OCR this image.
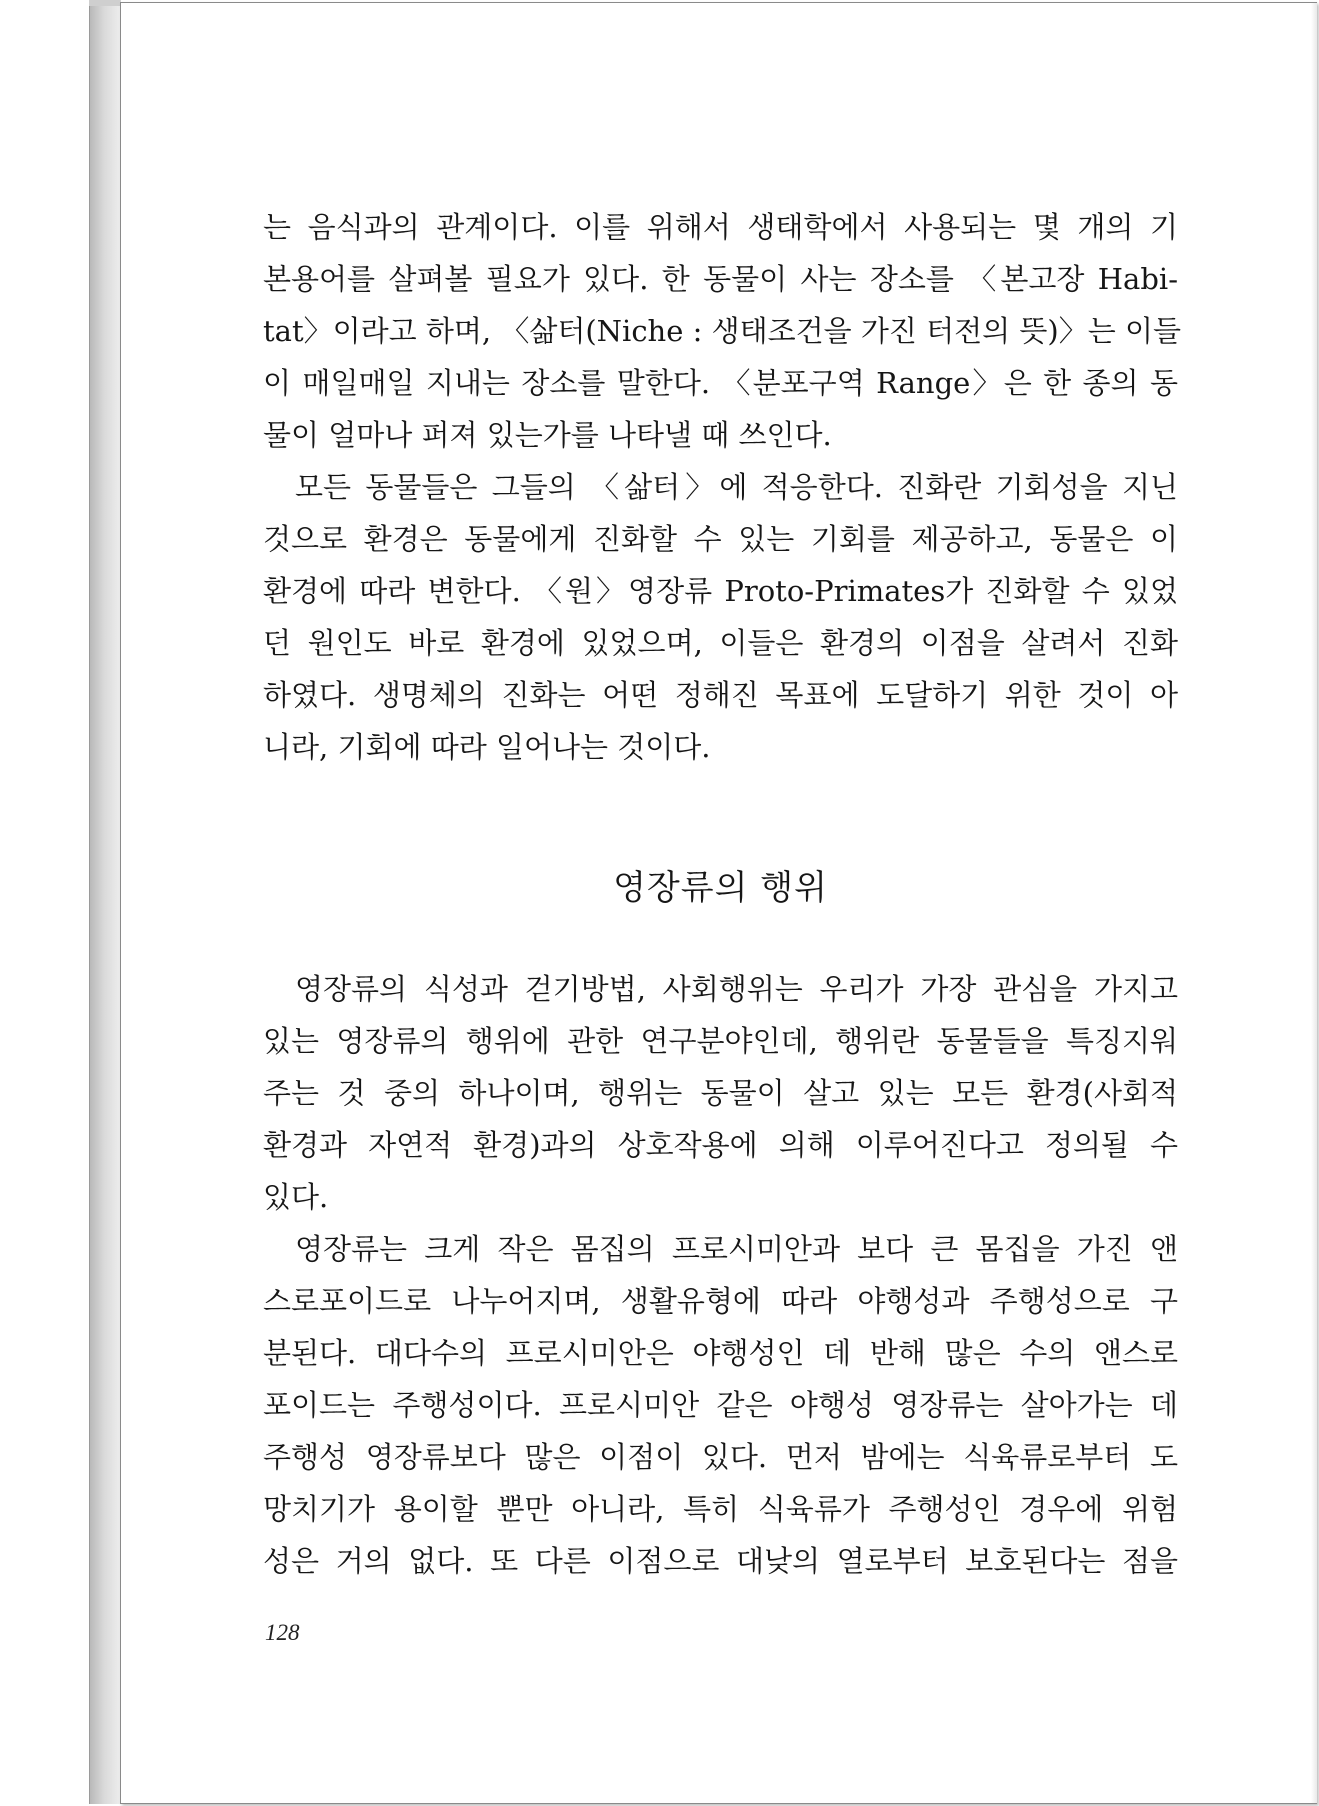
는 음식과의 관계이다. 이를 위해서 생태학에서 사용되는 몇 개의 기
본용어를 살펴볼 필요가 있다. 한 동물이 사는 장소를 〈본고장 Habi-
tat〉이라고 하며, 〈삶터(Niche : 생태조건을 가진 터전의 뜻)〉는 이들
이 매일매일 지내는 장소를 말한다. 〈분포구역 Range〉은 한 종의 동
물이 얼마나 퍼져 있는가를 나타낼 때 쓰인다.
모든 동물들은 그들의 〈삶터〉에 적응한다. 진화란 기회성을 지닌
것으로 환경은 동물에게 진화할 수 있는 기회를 제공하고, 동물은 이
환경에 따라 변한다. 〈원〉영장류 Proto-Primates가 진화할 수 있었
던 원인도 바로 환경에 있었으며, 이들은 환경의 이점을 살려서 진화
하였다. 생명체의 진화는 어떤 정해진 목표에 도달하기 위한 것이 아
니라, 기회에 따라 일어나는 것이다.
영장류의 행위
영장류의 식성과 걷기방법, 사회행위는 우리가 가장 관심을 가지고
있는 영장류의 행위에 관한 연구분야인데, 행위란 동물들을 특징지워
주는 것 중의 하나이며, 행위는 동물이 살고 있는 모든 환경(사회적
환경과 자연적 환경)과의 상호작용에 의해 이루어진다고 정의될 수
있다.
영장류는 크게 작은 몸집의 프로시미안과 보다 큰 몸집을 가진 앤
스로포이드로 나누어지며, 생활유형에 따라 야행성과 주행성으로 구
분된다. 대다수의 프로시미안은 야행성인 데 반해 많은 수의 앤스로
포이드는 주행성이다. 프로시미안 같은 야행성 영장류는 살아가는 데
주행성 영장류보다 많은 이점이 있다. 먼저 밤에는 식육류로부터 도
망치기가 용이할 뿐만 아니라, 특히 식육류가 주행성인 경우에 위험
성은 거의 없다. 또 다른 이점으로 대낮의 열로부터 보호된다는 점을
128
